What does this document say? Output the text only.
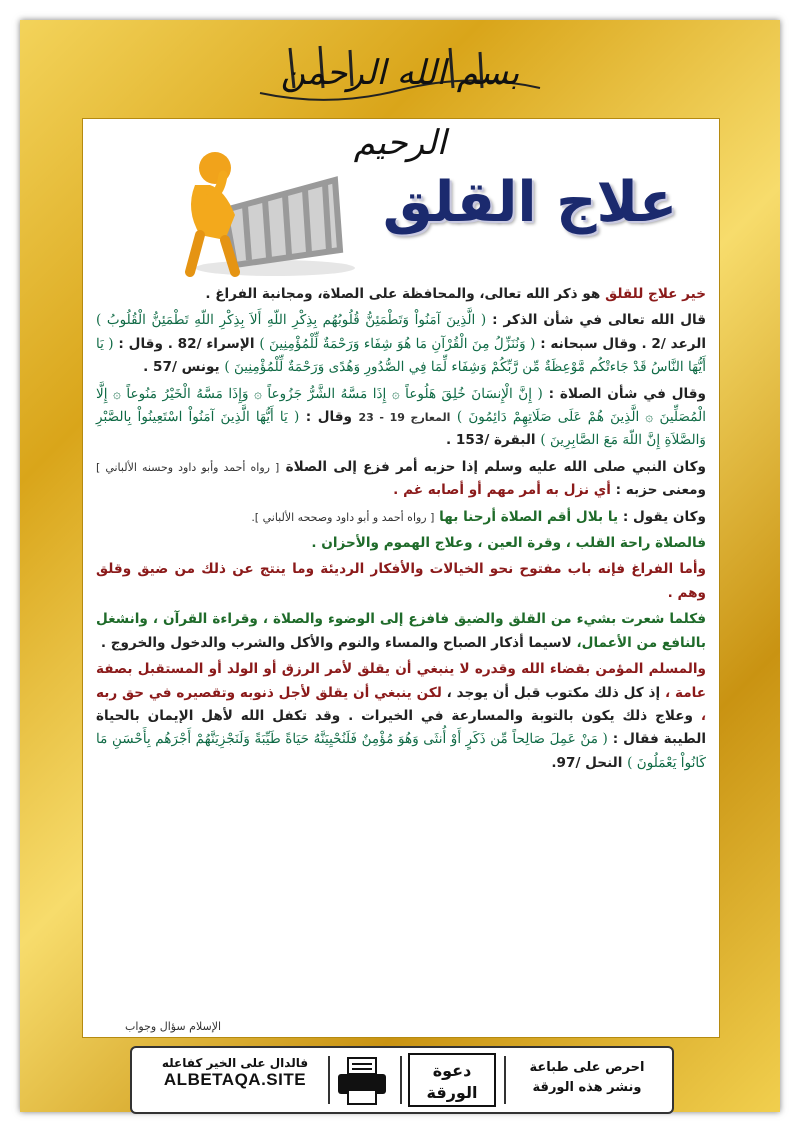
بسم الله الرحمن الرحيم
علاج القلق

خير علاج للقلق هو ذكر الله تعالى، والمحافظة على الصلاة، ومجانبة الفراغ .

قال الله تعالى في شأن الذكر : ( الَّذِينَ آمَنُواْ وَتَطْمَئِنُّ قُلُوبُهُم بِذِكْرِ اللّهِ أَلاَ بِذِكْرِ اللّهِ تَطْمَئِنُّ الْقُلُوبُ ) الرعد /2 . وقال سبحانه : ( وَنُنَزِّلُ مِنَ الْقُرْآنِ مَا هُوَ شِفَاء وَرَحْمَةٌ لِّلْمُؤْمِنِينَ ) الإسراء /82 . وقال : ( يَا أَيُّهَا النَّاسُ قَدْ جَاءتْكُم مَّوْعِظَةٌ مِّن رَّبِّكُمْ وَشِفَاء لِّمَا فِي الصُّدُورِ وَهُدًى وَرَحْمَةٌ لِّلْمُؤْمِنِينَ ) يونس /57 .

وقال في شأن الصلاة : ( إِنَّ الْإِنسَانَ خُلِقَ هَلُوعاً ۞ إِذَا مَسَّهُ الشَّرُّ جَزُوعاً ۞ وَإِذَا مَسَّهُ الْخَيْرُ مَنُوعاً ۞ إِلَّا الْمُصَلِّينَ ۞ الَّذِينَ هُمْ عَلَى صَلَاتِهِمْ دَائِمُونَ ) المعارج 19 - 23 وقال : ( يَا أَيُّهَا الَّذِينَ آمَنُواْ اسْتَعِينُواْ بِالصَّبْرِ وَالصَّلاَةِ إِنَّ اللّهَ مَعَ الصَّابِرِينَ ) البقرة /153 .

وكان النبي صلى الله عليه وسلم إذا حزبه أمر فزع إلى الصلاة [ رواه أحمد وأبو داود وحسنه الألباني ] ومعنى حزبه : أي نزل به أمر مهم أو أصابه غم .

وكان يقول : يا بلال أقم الصلاة أرحنا بها [ رواه أحمد و أبو داود وصححه الألباني ].

فالصلاة راحة القلب ، وقرة العين ، وعلاج الهموم والأحزان .

وأما الفراغ فإنه باب مفتوح نحو الخيالات والأفكار الرديئة وما ينتج عن ذلك من ضيق وقلق وهم .

فكلما شعرت بشيء من القلق والضيق فافزع إلى الوضوء والصلاة ، وقراءة القرآن ، وانشغل بالنافع من الأعمال، لاسيما أذكار الصباح والمساء والنوم والأكل والشرب والدخول والخروج .

والمسلم المؤمن بقضاء الله وقدره لا ينبغي أن يقلق لأمر الرزق أو الولد أو المستقبل بصفة عامة ، إذ كل ذلك مكتوب قبل أن يوجد ، لكن ينبغي أن يقلق لأجل ذنوبه وتقصيره في حق ربه ، وعلاج ذلك يكون بالتوبة والمسارعة في الخيرات . وقد تكفل الله لأهل الإيمان بالحياة الطيبة فقال : ( مَنْ عَمِلَ صَالِحاً مِّن ذَكَرٍ أَوْ أُنثَى وَهُوَ مُؤْمِنٌ فَلَنُحْيِيَنَّهُ حَيَاةً طَيِّبَةً وَلَنَجْزِيَنَّهُمْ أَجْرَهُم بِأَحْسَنِ مَا كَانُواْ يَعْمَلُونَ ) النحل /97.

الإسلام سؤال وجواب
احرص على طباعة
ونشر هذه الورقة
دعوة
الورقة
فالدال على الخير كفاعله
ALBETAQA.SITE
